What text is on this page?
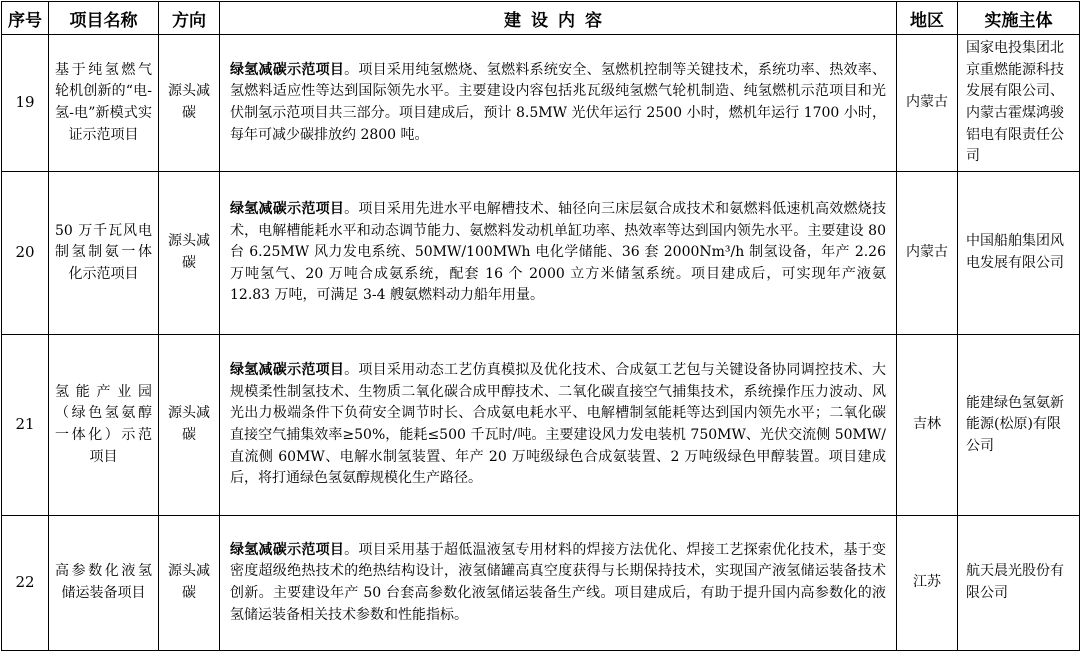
序号	项目名称	方向	建设内容	地区	实施主体
19	基于纯氢燃气轮机创新的“电-氢-电”新模式实证示范项目	源头减碳	绿氢减碳示范项目。项目采用纯氢燃烧、氢燃料系统安全、氢燃机控制等关键技术，系统功率、热效率、氢燃料适应性等达到国际领先水平。主要建设内容包括兆瓦级纯氢燃气轮机制造、纯氢燃机示范项目和光伏制氢示范项目共三部分。项目建成后，预计 8.5MW 光伏年运行 2500 小时，燃机年运行 1700 小时，每年可减少碳排放约 2800 吨。	内蒙古	国家电投集团北京重燃能源科技发展有限公司、内蒙古霍煤鸿骏铝电有限责任公司
20	50 万千瓦风电制氢制氨一体化示范项目	源头减碳	绿氢减碳示范项目。项目采用先进水平电解槽技术、轴径向三床层氨合成技术和氨燃料低速机高效燃烧技术，电解槽能耗水平和动态调节能力、氨燃料发动机单缸功率、热效率等达到国内领先水平。主要建设 80 台 6.25MW 风力发电系统、50MW/100MWh 电化学储能、36 套 2000Nm³/h 制氢设备，年产 2.26 万吨氢气、20 万吨合成氨系统，配套 16 个 2000 立方米储氢系统。项目建成后，可实现年产液氨 12.83 万吨，可满足 3-4 艘氨燃料动力船年用量。	内蒙古	中国船舶集团风电发展有限公司
21	氢能产业园（绿色氢氨醇一体化）示范项目	源头减碳	绿氢减碳示范项目。项目采用动态工艺仿真模拟及优化技术、合成氨工艺包与关键设备协同调控技术、大规模柔性制氢技术、生物质二氧化碳合成甲醇技术、二氧化碳直接空气捕集技术，系统操作压力波动、风光出力极端条件下负荷安全调节时长、合成氨电耗水平、电解槽制氢能耗等达到国内领先水平；二氧化碳直接空气捕集效率≥50%，能耗≤500 千瓦时/吨。主要建设风力发电装机 750MW、光伏交流侧 50MW/直流侧 60MW、电解水制氢装置、年产 20 万吨级绿色合成氨装置、2 万吨级绿色甲醇装置。项目建成后，将打通绿色氢氨醇规模化生产路径。	吉林	能建绿色氢氨新能源(松原)有限公司
22	高参数化液氢储运装备项目	源头减碳	绿氢减碳示范项目。项目采用基于超低温液氢专用材料的焊接方法优化、焊接工艺探索优化技术，基于变密度超级绝热技术的绝热结构设计，液氢储罐高真空度获得与长期保持技术，实现国产液氢储运装备技术创新。主要建设年产 50 台套高参数化液氢储运装备生产线。项目建成后，有助于提升国内高参数化的液氢储运装备相关技术参数和性能指标。	江苏	航天晨光股份有限公司
